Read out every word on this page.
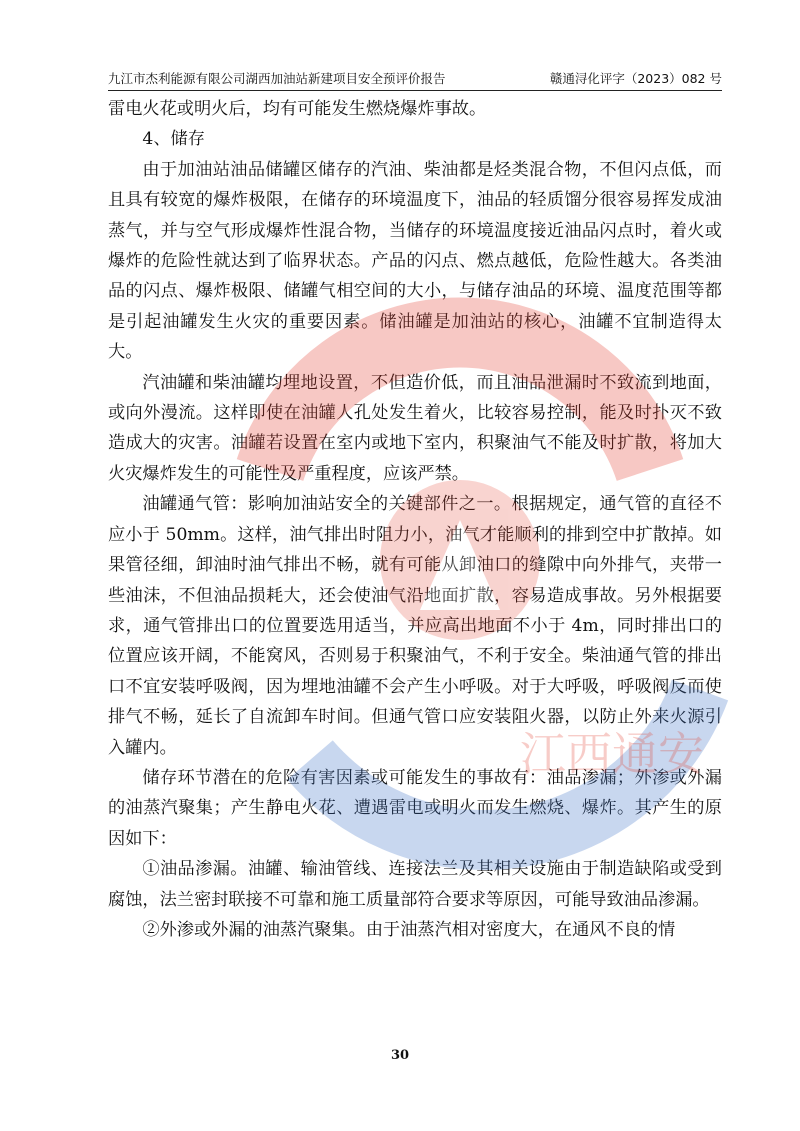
九江市杰利能源有限公司湖西加油站新建项目安全预评价报告	赣通浔化评字（2023）082 号

雷电火花或明火后，均有可能发生燃烧爆炸事故。

4、储存

由于加油站油品储罐区储存的汽油、柴油都是烃类混合物，不但闪点低，而且具有较宽的爆炸极限，在储存的环境温度下，油品的轻质馏分很容易挥发成油蒸气，并与空气形成爆炸性混合物，当储存的环境温度接近油品闪点时，着火或爆炸的危险性就达到了临界状态。产品的闪点、燃点越低，危险性越大。各类油品的闪点、爆炸极限、储罐气相空间的大小，与储存油品的环境、温度范围等都是引起油罐发生火灾的重要因素。储油罐是加油站的核心，油罐不宜制造得太大。

汽油罐和柴油罐均埋地设置，不但造价低，而且油品泄漏时不致流到地面，或向外漫流。这样即使在油罐人孔处发生着火，比较容易控制，能及时扑灭不致造成大的灾害。油罐若设置在室内或地下室内，积聚油气不能及时扩散，将加大火灾爆炸发生的可能性及严重程度，应该严禁。

油罐通气管：影响加油站安全的关键部件之一。根据规定，通气管的直径不应小于 50mm。这样，油气排出时阻力小，油气才能顺利的排到空中扩散掉。如果管径细，卸油时油气排出不畅，就有可能从卸油口的缝隙中向外排气，夹带一些油沫，不但油品损耗大，还会使油气沿地面扩散，容易造成事故。另外根据要求，通气管排出口的位置要选用适当，并应高出地面不小于 4m，同时排出口的位置应该开阔，不能窝风，否则易于积聚油气，不利于安全。柴油通气管的排出口不宜安装呼吸阀，因为埋地油罐不会产生小呼吸。对于大呼吸，呼吸阀反而使排气不畅，延长了自流卸车时间。但通气管口应安装阻火器，以防止外来火源引入罐内。

储存环节潜在的危险有害因素或可能发生的事故有：油品渗漏；外渗或外漏的油蒸汽聚集；产生静电火花、遭遇雷电或明火而发生燃烧、爆炸。其产生的原因如下：

①油品渗漏。油罐、输油管线、连接法兰及其相关设施由于制造缺陷或受到腐蚀，法兰密封联接不可靠和施工质量部符合要求等原因，可能导致油品渗漏。

②外渗或外漏的油蒸汽聚集。由于油蒸汽相对密度大，在通风不良的情

江西通安
30
